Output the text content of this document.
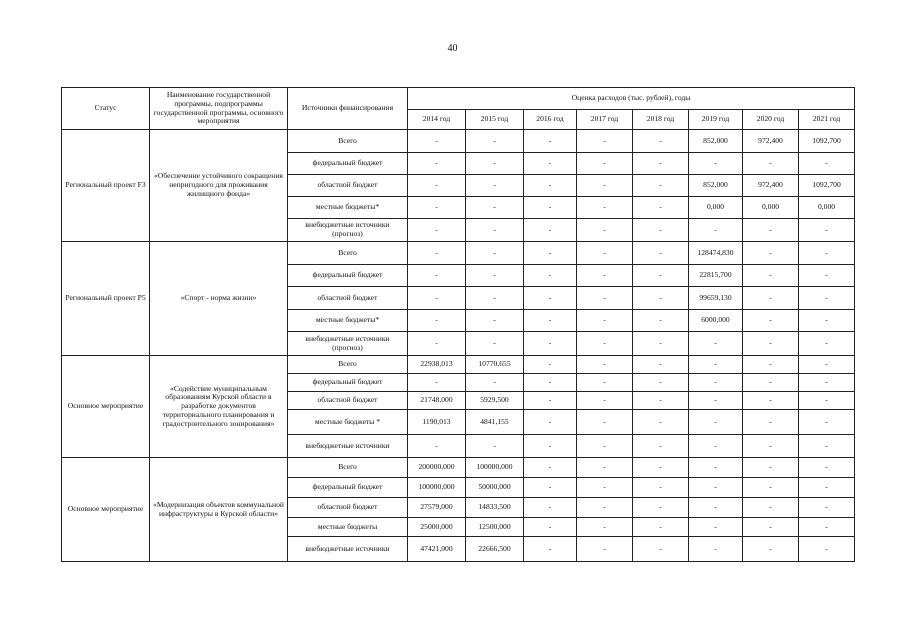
40
Статус	Наименование государственной программы, подпрограммы государственной программы, основного мероприятия	Источники финансирования	Оценка расходов (тыс. рублей), годы							
			2014 год	2015 год	2016 год	2017 год	2018 год	2019 год	2020 год	2021 год
Региональный проект F3	«Обеспечение устойчивого сокращения непригодного для проживания жилищного фонда»	Всего	-	-	-	-	-	852,000	972,400	1092,700
		федеральный бюджет	-	-	-	-	-	-	-	-
		областной бюджет	-	-	-	-	-	852,000	972,400	1092,700
		местные бюджеты*	-	-	-	-	-	0,000	0,000	0,000
		внебюджетные источники (прогноз)	-	-	-	-	-	-	-	-
Региональный проект P5	«Спорт - норма жизни»	Всего	-	-	-	-	-	128474,830	-	-
		федеральный бюджет	-	-	-	-	-	22815,700	-	-
		областной бюджет	-	-	-	-	-	99659,130	-	-
		местные бюджеты*	-	-	-	-	-	6000,000	-	-
		внебюджетные источники (прогноз)	-	-	-	-	-	-	-	-
Основное мероприятие	«Содействие муниципальным образованиям Курской области в разработке документов территориального планирования и градостроительного зонирования»	Всего	22938,013	10770,655	-	-	-	-	-	-
		федеральный бюджет	-	-	-	-	-	-	-	-
		областной бюджет	21748,000	5929,500	-	-	-	-	-	-
		местные бюджеты *	1190,013	4841,155	-	-	-	-	-	-
		внебюджетные источники	-	-	-	-	-	-	-	-
Основное мероприятие	«Модернизация объектов коммунальной инфраструктуры в Курской области»	Всего	200000,000	100000,000	-	-	-	-	-	-
		федеральный бюджет	100000,000	50000,000	-	-	-	-	-	-
		областной бюджет	27579,000	14833,500	-	-	-	-	-	-
		местные бюджеты	25000,000	12500,000	-	-	-	-	-	-
		внебюджетные источники	47421,000	22666,500	-	-	-	-	-	-
